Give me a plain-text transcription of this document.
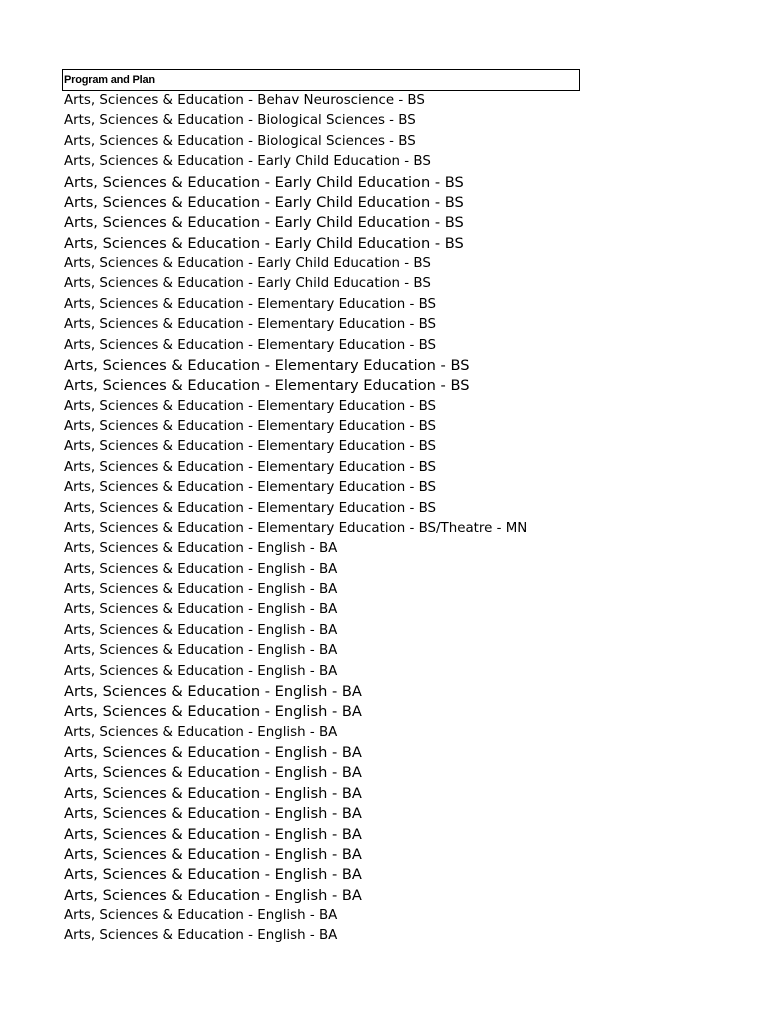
Program and Plan
Arts, Sciences & Education - Behav Neuroscience - BS
Arts, Sciences & Education - Biological Sciences - BS
Arts, Sciences & Education - Biological Sciences - BS
Arts, Sciences & Education - Early Child Education - BS
Arts, Sciences & Education - Early Child Education - BS
Arts, Sciences & Education - Early Child Education - BS
Arts, Sciences & Education - Early Child Education - BS
Arts, Sciences & Education - Early Child Education - BS
Arts, Sciences & Education - Early Child Education - BS
Arts, Sciences & Education - Early Child Education - BS
Arts, Sciences & Education - Elementary Education - BS
Arts, Sciences & Education - Elementary Education - BS
Arts, Sciences & Education - Elementary Education - BS
Arts, Sciences & Education - Elementary Education - BS
Arts, Sciences & Education - Elementary Education - BS
Arts, Sciences & Education - Elementary Education - BS
Arts, Sciences & Education - Elementary Education - BS
Arts, Sciences & Education - Elementary Education - BS
Arts, Sciences & Education - Elementary Education - BS
Arts, Sciences & Education - Elementary Education - BS
Arts, Sciences & Education - Elementary Education - BS
Arts, Sciences & Education - Elementary Education - BS/Theatre - MN
Arts, Sciences & Education - English - BA
Arts, Sciences & Education - English - BA
Arts, Sciences & Education - English - BA
Arts, Sciences & Education - English - BA
Arts, Sciences & Education - English - BA
Arts, Sciences & Education - English - BA
Arts, Sciences & Education - English - BA
Arts, Sciences & Education - English - BA
Arts, Sciences & Education - English - BA
Arts, Sciences & Education - English - BA
Arts, Sciences & Education - English - BA
Arts, Sciences & Education - English - BA
Arts, Sciences & Education - English - BA
Arts, Sciences & Education - English - BA
Arts, Sciences & Education - English - BA
Arts, Sciences & Education - English - BA
Arts, Sciences & Education - English - BA
Arts, Sciences & Education - English - BA
Arts, Sciences & Education - English - BA
Arts, Sciences & Education - English - BA
